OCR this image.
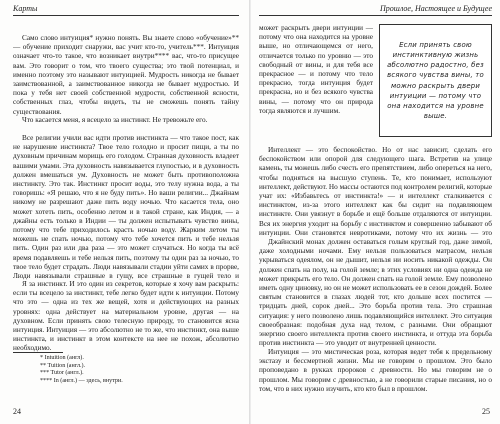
Карты

Само слово интуиция* нужно понять. Вы знаете слово «обучение»** — обучение приходит снаружи, вас учит кто-то, учитель***. Интуиция означает что-то такое, что возникает внутри**** вас, что-то присущее вам. Это говорит о том, что твоего существа; это твой потенциал, и именно поэтому это называют интуицией. Мудрость никогда не бывает заимствованной, а заимствованное никогда не бывает мудростью. И пока у тебя нет своей собственной мудрости, собственной ясности, собственных глаз, чтобы видеть, ты не сможешь понять тайну существования.

Что касается меня, я всецело за инстинкт. Не тревожьте его.

Все религии учили вас идти против инстинкта — что такое пост, как не нарушение инстинкта? Твое тело голодно и просит пищи, а ты по духовным причинам морищь его голодом. Странная духовность владеет вашими умами. Эта духовность навязывается глупостью, и в духовность должен вмешаться ум. Духовность не может быть противоположна инстинкту. Это так. Инстинкт просит воды, это телу нужна вода, а ты говоришь: «Я решаю, что я не буду пить». Но ваши религии... Джайнам никому не разрешают даже пить воду ночью. Что касается тела, оно может хотеть пить, особенно летом и в такой стране, как Индия, — а джайны есть только в Индии — ты должен испытывать чувство вины, потому что тебе приходилось красть ночью воду. Жарким летом ты можешь не спать ночью, потому что тебе хочется пить и тебе нельзя пить. Один раз или два раза — это может случаться. Но когда ты всё время подавляешь и тебе нельзя пить, поэтому ты один раз за ночью, то твое тело будет страдать. Люди навязывали стадии уйти самих в прорве, Люди навязывали страшные в гущу, все страшные в гущей тело и

Я за инстинкт. И это один из секретов, которые я хочу вам раскрыть: если ты всецело за инстинкт, тебе легко будет идти к интуиции. Потому что это — одна из тех же вещей, хотя и действующих на разных уровнях: одна действует на материальном уровне, другая — на духовном. Если принять свою телесную природу, то становится ясна интуиция. Интуиция — это абсолютно не то же, что инстинкт, она выше инстинкта, и инстинкт в этом контексте на нее не похож, абсолютно необходимо.

* Intuition (англ).
** Tuition (англ.).
*** Tutor (англ.).
**** In (англ.) — здесь, внутри.
24
Прошлое, Настоящее и Будущее
Если принять свою инстинктивную жизнь абсолютно радостно, без всякого чувства вины, то можно раскрыть двери интуиции — потому что она находится на уровне выше.

может раскрыть двери интуиции — потому что она находится на уровне выше, но отличающемся от него, отличается только по уровню — это свободный от вины, и для тебя все прекрасное — и потому что тело прекрасно, тогда интуиция будет прекрасна, но и без всякого чувства вины, — потому что он природа тогда являются и лучшим.

Интеллект — это беспокойство. Но от нас зависит, сделать его беспокойством или опорой для следующего шага. Встретив на улице камень, ты можешь либо счесть его препятствием, либо опереться на него, чтобы подняться на высшую ступень. Те, кто понимает, используют интеллект, действуют. Но массы остаются под контролем религий, которые учат их: «Избавьтесь от инстинкта!» — и интеллект сталкивается с инстинктом, из-за этого интеллект как бы сидит на подавляющем инстинкте. Они увязнут в борьбе и ещё больше отдаляются от интуиции. Вся их энергия уходит на борьбу с инстинктом и совершенно забывают об интуиции. Они становятся невротиками, потому что их жизнь — это

Джайнский монах должен оставаться голым круглый год, даже зимой, даже холодными ночами. Ему нельзя пользоваться матрасом, нельзя укрываться одеялом, он не дышит, нельзя ни носить никакой одежды. Он должен спать на полу, на голой земле; в этих условиях ни одна одежда не может прикрыть его тело. Он должен спать на голой земле. Ему позволено иметь одну циновку, но он не может использовать ее в сезон дождей. Более святым становится в глазах людей тот, кто дольше всех постится — тридцать дней, сорок дней... Это борьба против тела. Это страшная ситуация: у него позволено лишь подавляющийся интеллект. Это ситуация своеобразная: подобная духа над телом, с разными. Они обращают энергию своего интеллекта против своего инстинкта, и оттуда эта борьба против инстинкта — это уводит от внутренней ценности.

Интуиция — это мистическая роза, которая ведет тебя к предельному экстазу и бессмертной жизни. Мы не говорим о прошлом. Это было проповедано в рукках пророков с древности. Но мы говорим не о прошлом. Мы говорим с древностью, а не говорили старые писания, но о том, что в них нужно изучить, кто кто был в прошлом.

25
